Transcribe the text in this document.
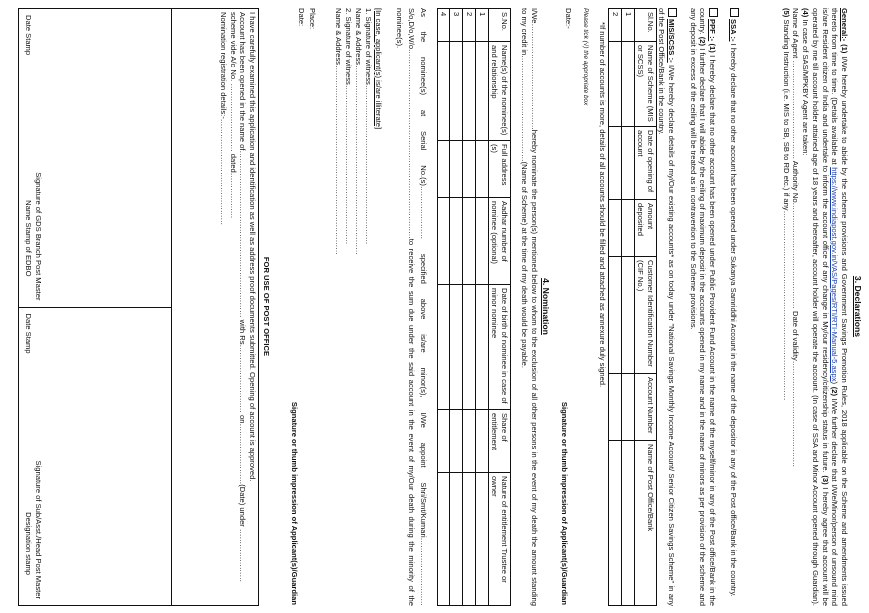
3. Declarations
General:- (1) I/We hereby undertake to abide by the scheme provisions and Government Savings Promotion Rules, 2018 applicable on the Scheme and amendments issued thereto from time to time. (Details available at https://www.indiapost.gov.in/VAS/Pages/RTI/RTI-Manual-5.aspx) (2) I/We further declare that I/We/Minor/person of unsound mind is/are Resident citizen of India and undertake to inform the account office of any change in My/our residency/citizenship status in future. (3) I hereby agree that account will be operated by me till account holder attained age of 18 years and thereafter, account holder will operate the account. (In case of SSA and Minor Account opened through Guardian). (4) In case of SAS/MPKBY Agent are taken:
Name of Agent ………………………………… Authority No…………………………………… Date of validity……………………………………
(5) Standing Instruction (i.e. MIS to SB, SB to RD etc.) if any…………………………………………………………………
SSA :- I hereby declare that no other account has been opened under Sukanya Samriddhi Account in the name of the depositor in any of the Post office/Bank in the country.
PPF :- (1) I hereby declare that no other account has been opened under Public Provident Fund Account in the name of the myself/minor in any of the Post office/Bank in the country. (2) I further declare that I will abide by the ceiling of maximum deposit in the accounts opened in my name and in the name of minors as per provision of the scheme and any deposit in excess of the ceiling will be treated as in contravention to the Scheme provisions.
MIS/SCSS :- I/We hereby declare details of my/Our existing accounts* as on today under "National Savings Monthly Income Account/ Senior Citizen Savings Scheme" in any of the Post Office/Bank in the country.
Sl.No.	Name of Scheme (MIS or SCSS)	Date of opening of account	Amount deposited	Customer Identification Number (CIF No.)	Account Number	Name of Post Office/Bank
1						
2						
*If number of accounts is more, details of all accounts should be filled and attached as annexure duly signed.
Please tick (√) the appropriate box
Date:-
Signature or thumb impression of Applicant(s)/Guardian
4. Nomination
I/We……………………………………hereby nominate the person(s) mentioned below to whom to the exclusion of all other persons in the event of my death the amount standing to my credit in……………………………………(Name of Scheme) at the time of my death would be payable.
S.No.	Name(s) of the nominee(s) and relationship	Full address (s)	Aadhar number of nominee (optional)	Date of birth of nominee in case of minor nominee	Share of entitlement	Nature of entitlement Trustee or owner
1						
2						
3						
4						
As the nominee(s) at Serial No.(s)………………… specified above is/are minor(s), I/We appoint Shri/Smt/Kumari………………………S/o,D/o,W/o…………………………………………………………………to receive the sum due under the said account in the event of my/Our death during the minority of the nominee(s).
[In case, applicant(s) is/are illiterate]
1. Signature of witness………………………………………………………
Name & Address…………………………………………………………………
2. Signature of witness………………………………………………………
Name & Address…………………………………………………………………
Place:
Date:
Signature or thumb impression of Applicant(s)/Guardian
FOR USE OF POST OFFICE
I have carefully examined this application and identification as well as address proof documents submitted. Opening of account is approved.
Account has been opened in the name of………………………………………………………… with Rs……………………… on……………………(Date) under …………………scheme vide A/c No. ……………………… dated………………
Nomination registration details:-……………………………………

Date Stamp
Signature of GDS Branch Post Master
Name Stamp of EDBO

Date Stamp
Signature of Sub/Asst./Head Post Master
Designation stamp
